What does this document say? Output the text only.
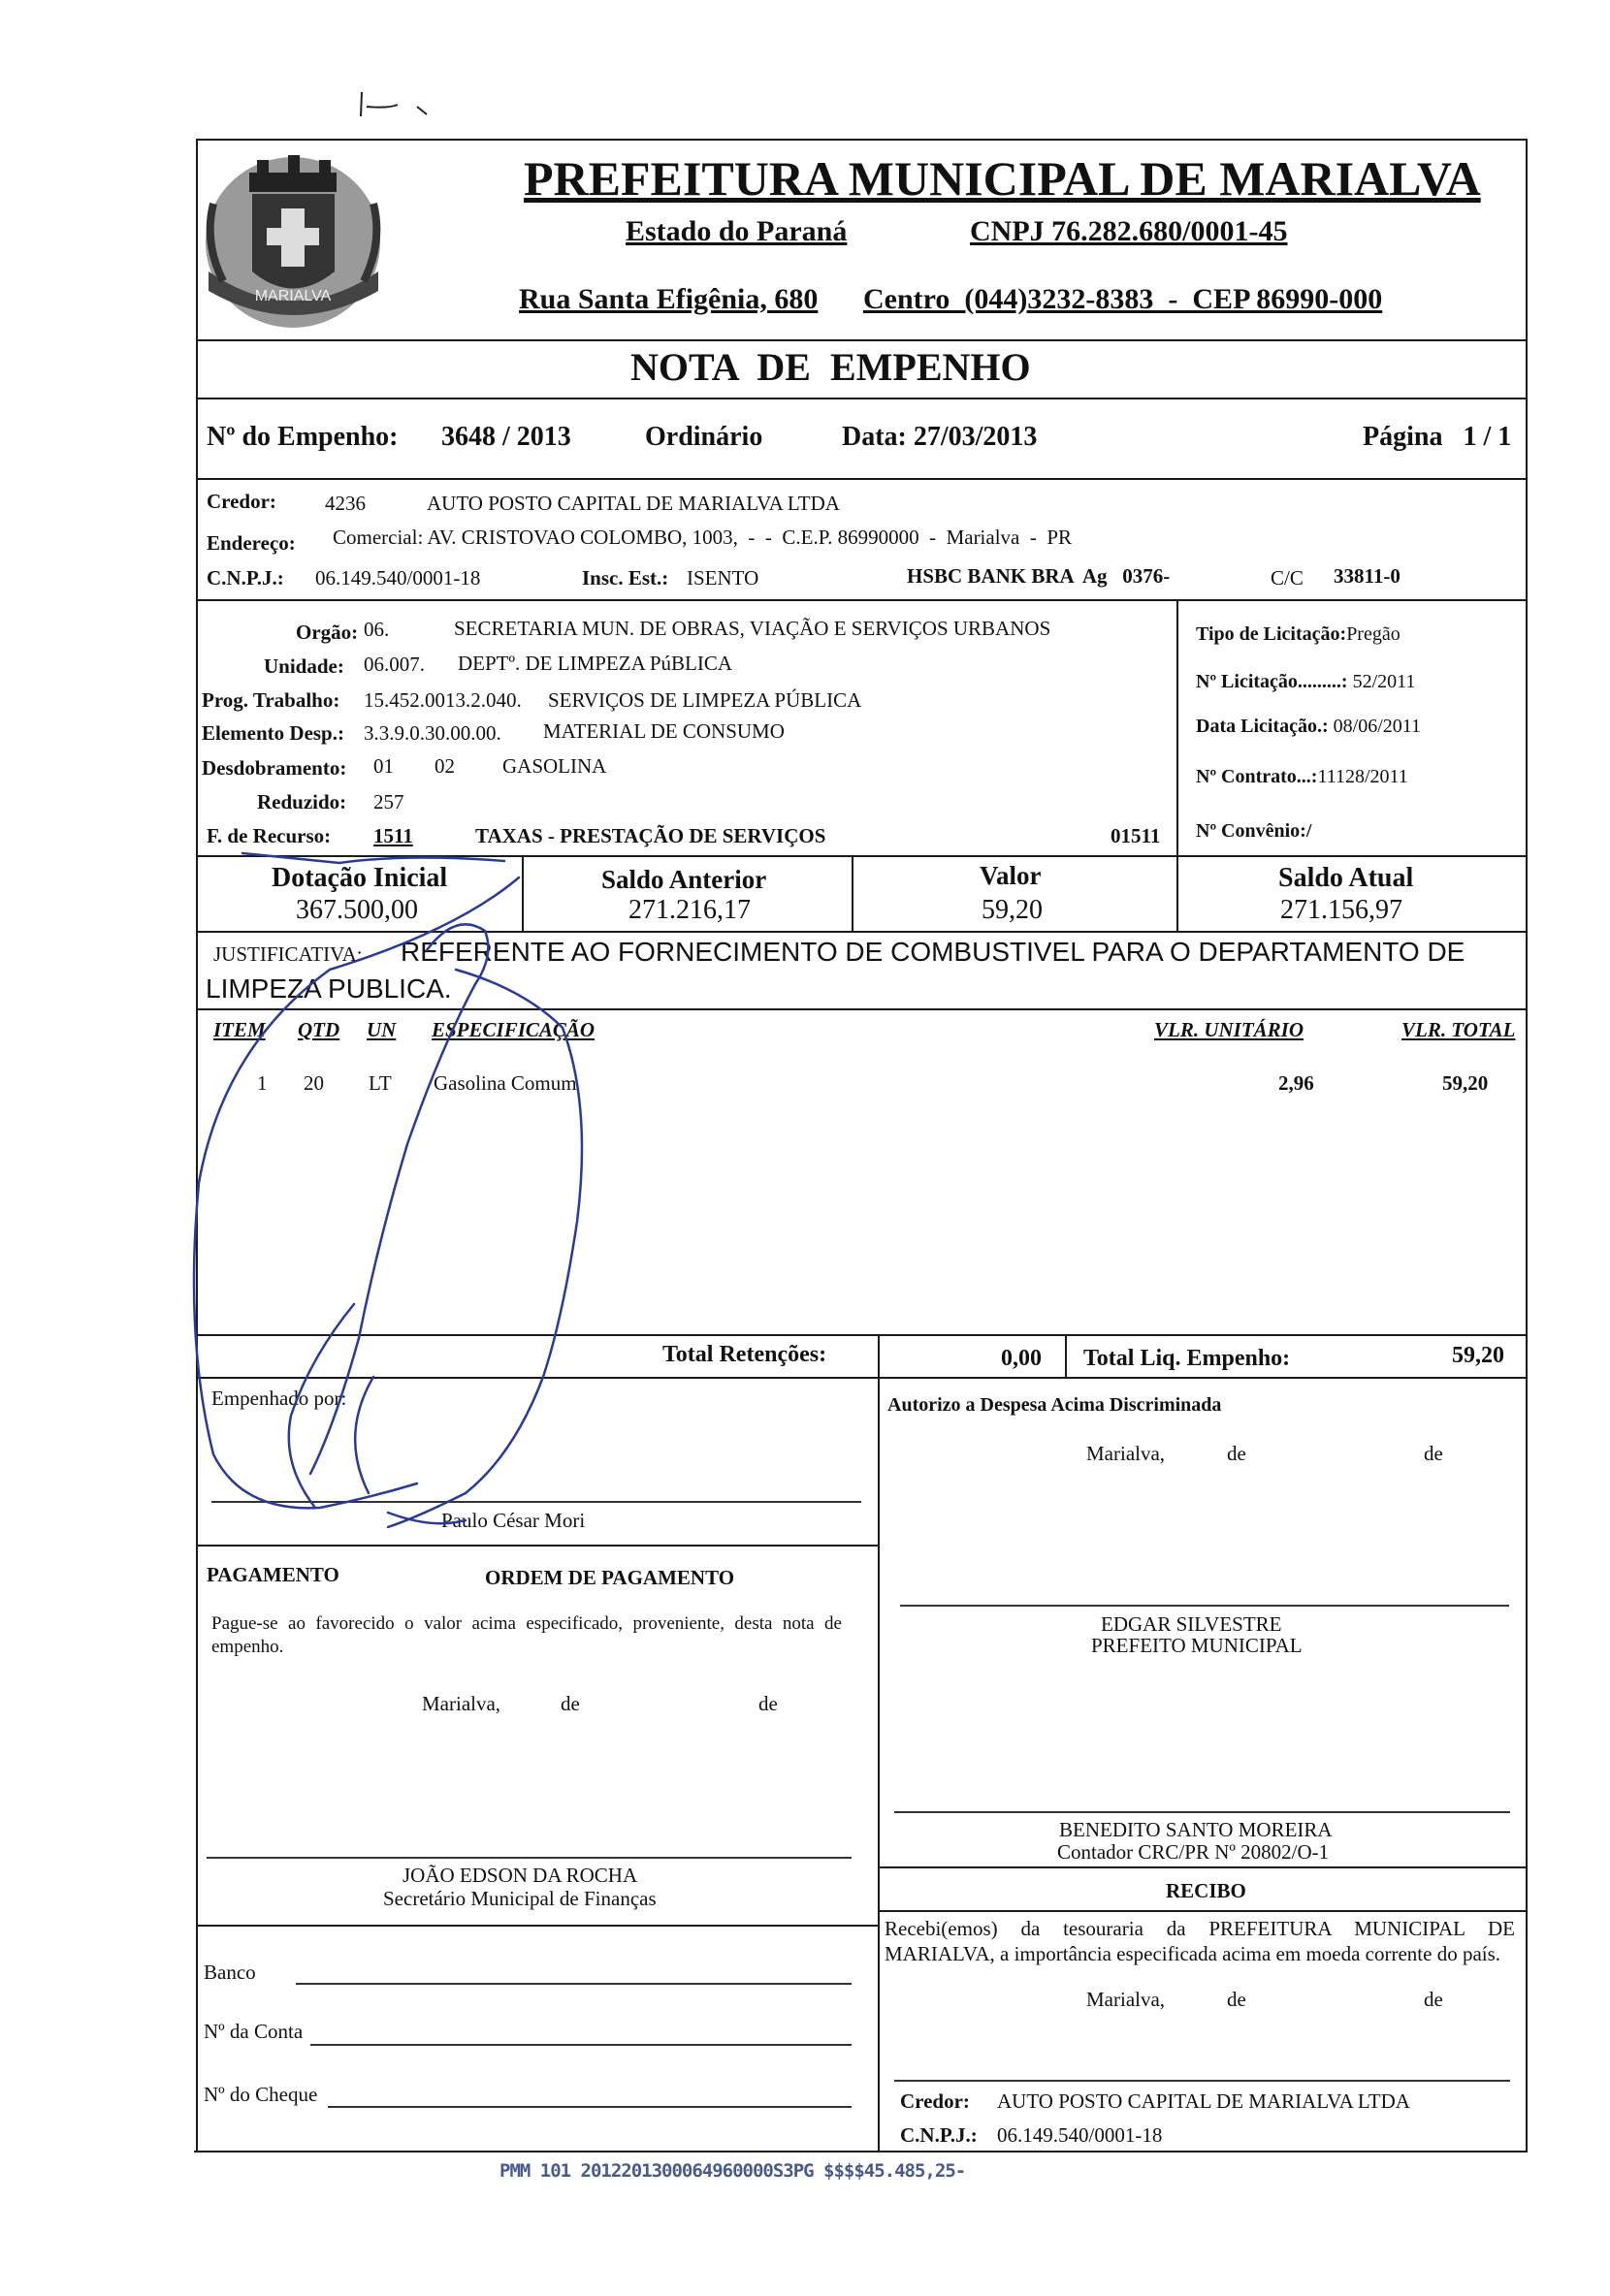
MARIALVA
PREFEITURA MUNICIPAL DE MARIALVA
Estado do Paraná	CNPJ 76.282.680/0001-45
Rua Santa Efigênia, 680 Centro  (044)3232-8383  -  CEP 86990-000
NOTA  DE  EMPENHO
Nº do Empenho: 3648 / 2013	Ordinário	Data: 27/03/2013	Página   1 / 1
Credor: 4236	AUTO POSTO CAPITAL DE MARIALVA LTDA
Endereço: Comercial: AV. CRISTOVAO COLOMBO, 1003,  -  -  C.E.P. 86990000  -  Marialva  -  PR
C.N.P.J.: 06.149.540/0001-18	Insc. Est.: ISENTO	HSBC BANK BRA  Ag   0376-	C/C 33811-0
Orgão: 06.	SECRETARIA MUN. DE OBRAS, VIAÇÃO E SERVIÇOS URBANOS
Unidade: 06.007. DEPTº. DE LIMPEZA PúBLICA
Prog. Trabalho: 15.452.0013.2.040. SERVIÇOS DE LIMPEZA PÚBLICA
Elemento Desp.: 3.3.9.0.30.00.00. MATERIAL DE CONSUMO
Desdobramento: 01 02 GASOLINA
Reduzido: 257
F. de Recurso: 1511	TAXAS - PRESTAÇÃO DE SERVIÇOS	01511
Tipo de Licitação:Pregão
Nº Licitação.........: 52/2011
Data Licitação.: 08/06/2011
Nº Contrato...:11128/2011
Nº Convênio:/
Dotação Inicial
367.500,00
Saldo Anterior
271.216,17
Valor
59,20
Saldo Atual
271.156,97
JUSTIFICATIVA: REFERENTE AO FORNECIMENTO DE COMBUSTIVEL PARA O DEPARTAMENTO DE
LIMPEZA PUBLICA.
ITEM QTD UN ESPECIFICAÇÃO	VLR. UNITÁRIO	VLR. TOTAL
1 20 LT Gasolina Comum	2,96	59,20
Total Retenções:	0,00 Total Liq. Empenho:	59,20
Empenhado por:
Paulo César Mori
Autorizo a Despesa Acima Discriminada
Marialva,	de	de
EDGAR SILVESTRE
PREFEITO MUNICIPAL
PAGAMENTO	ORDEM DE PAGAMENTO
Pague-se ao favorecido o valor acima especificado, proveniente, desta nota de empenho.
Marialva,	de	de
BENEDITO SANTO MOREIRA
Contador CRC/PR Nº 20802/O-1
JOÃO EDSON DA ROCHA
Secretário Municipal de Finanças	RECIBO
Recebi(emos) da tesouraria da PREFEITURA MUNICIPAL DE MARIALVA, a importância especificada acima em moeda corrente do país.
Marialva,	de	de
Banco
Nº da Conta
Nº do Cheque	Credor: AUTO POSTO CAPITAL DE MARIALVA LTDA
C.N.P.J.: 06.149.540/0001-18
PMM 101 2012201300064960000S3PG $$$$45.485,25-
